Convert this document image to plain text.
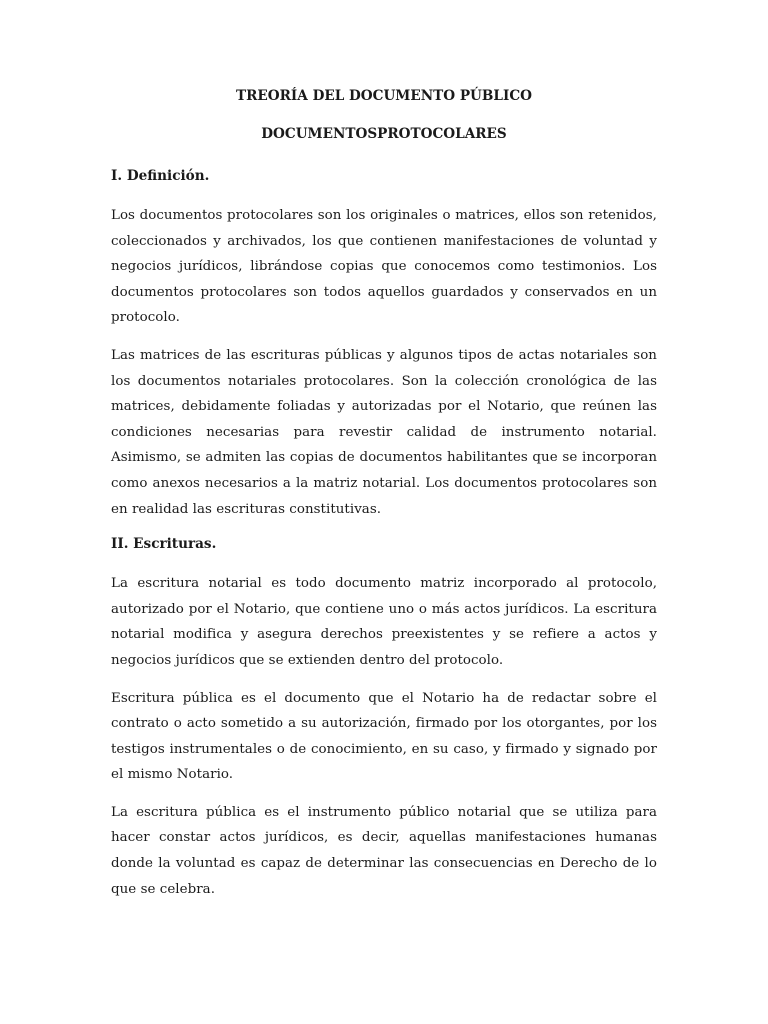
TREORÍA DEL DOCUMENTO PÚBLICO

DOCUMENTOSPROTOCOLARES

I. Definición.

Los documentos protocolares son los originales o matrices, ellos son retenidos, coleccionados y archivados, los que contienen manifestaciones de voluntad y negocios jurídicos, librándose copias que conocemos como testimonios. Los documentos protocolares son todos aquellos guardados y conservados en un protocolo.

Las matrices de las escrituras públicas y algunos tipos de actas notariales son los documentos notariales protocolares. Son la colección cronológica de las matrices, debidamente foliadas y autorizadas por el Notario, que reúnen las condiciones necesarias para revestir calidad de instrumento notarial. Asimismo, se admiten las copias de documentos habilitantes que se incorporan como anexos necesarios a la matriz notarial. Los documentos protocolares son en realidad las escrituras constitutivas.

II. Escrituras.

La escritura notarial es todo documento matriz incorporado al protocolo, autorizado por el Notario, que contiene uno o más actos jurídicos. La escritura notarial modifica y asegura derechos preexistentes y se refiere a actos y negocios jurídicos que se extienden dentro del protocolo.

Escritura pública es el documento que el Notario ha de redactar sobre el contrato o acto sometido a su autorización, firmado por los otorgantes, por los testigos instrumentales o de conocimiento, en su caso, y firmado y signado por el mismo Notario.

La escritura pública es el instrumento público notarial que se utiliza para hacer constar actos jurídicos, es decir, aquellas manifestaciones humanas donde la voluntad es capaz de determinar las consecuencias en Derecho de lo que se celebra.
